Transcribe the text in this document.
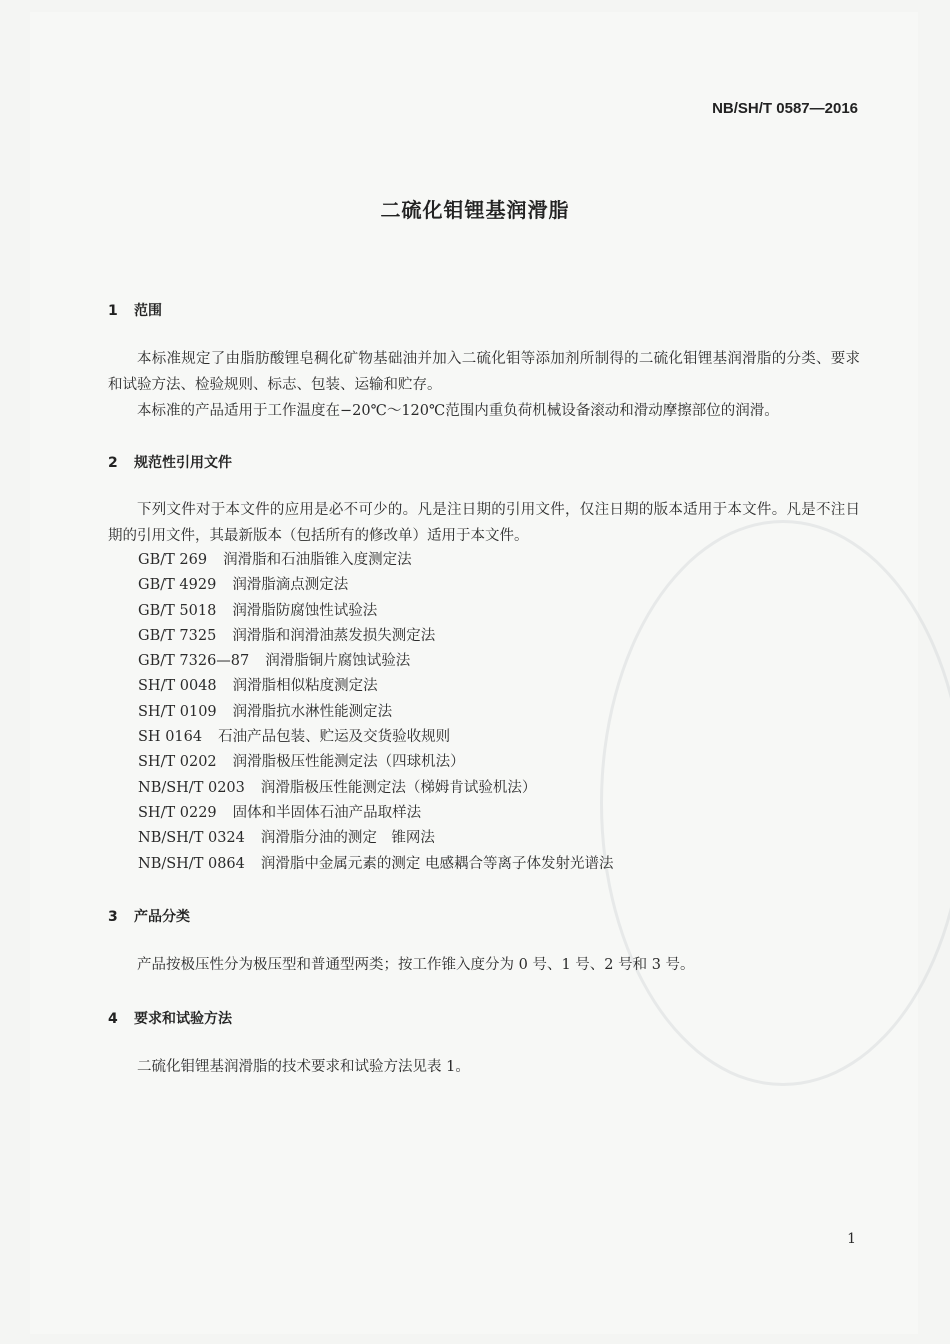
NB/SH/T 0587—2016
二硫化钼锂基润滑脂
1 范围
本标准规定了由脂肪酸锂皂稠化矿物基础油并加入二硫化钼等添加剂所制得的二硫化钼锂基润滑脂的分类、要求和试验方法、检验规则、标志、包装、运输和贮存。
本标准的产品适用于工作温度在−20℃～120℃范围内重负荷机械设备滚动和滑动摩擦部位的润滑。
2 规范性引用文件
下列文件对于本文件的应用是必不可少的。凡是注日期的引用文件，仅注日期的版本适用于本文件。凡是不注日期的引用文件，其最新版本（包括所有的修改单）适用于本文件。
GB/T 269 润滑脂和石油脂锥入度测定法
GB/T 4929 润滑脂滴点测定法
GB/T 5018 润滑脂防腐蚀性试验法
GB/T 7325 润滑脂和润滑油蒸发损失测定法
GB/T 7326—87 润滑脂铜片腐蚀试验法
SH/T 0048 润滑脂相似粘度测定法
SH/T 0109 润滑脂抗水淋性能测定法
SH 0164 石油产品包装、贮运及交货验收规则
SH/T 0202 润滑脂极压性能测定法（四球机法）
NB/SH/T 0203 润滑脂极压性能测定法（梯姆肯试验机法）
SH/T 0229 固体和半固体石油产品取样法
NB/SH/T 0324 润滑脂分油的测定　锥网法
NB/SH/T 0864 润滑脂中金属元素的测定 电感耦合等离子体发射光谱法
3 产品分类
产品按极压性分为极压型和普通型两类；按工作锥入度分为 0 号、1 号、2 号和 3 号。
4 要求和试验方法
二硫化钼锂基润滑脂的技术要求和试验方法见表 1。
1
